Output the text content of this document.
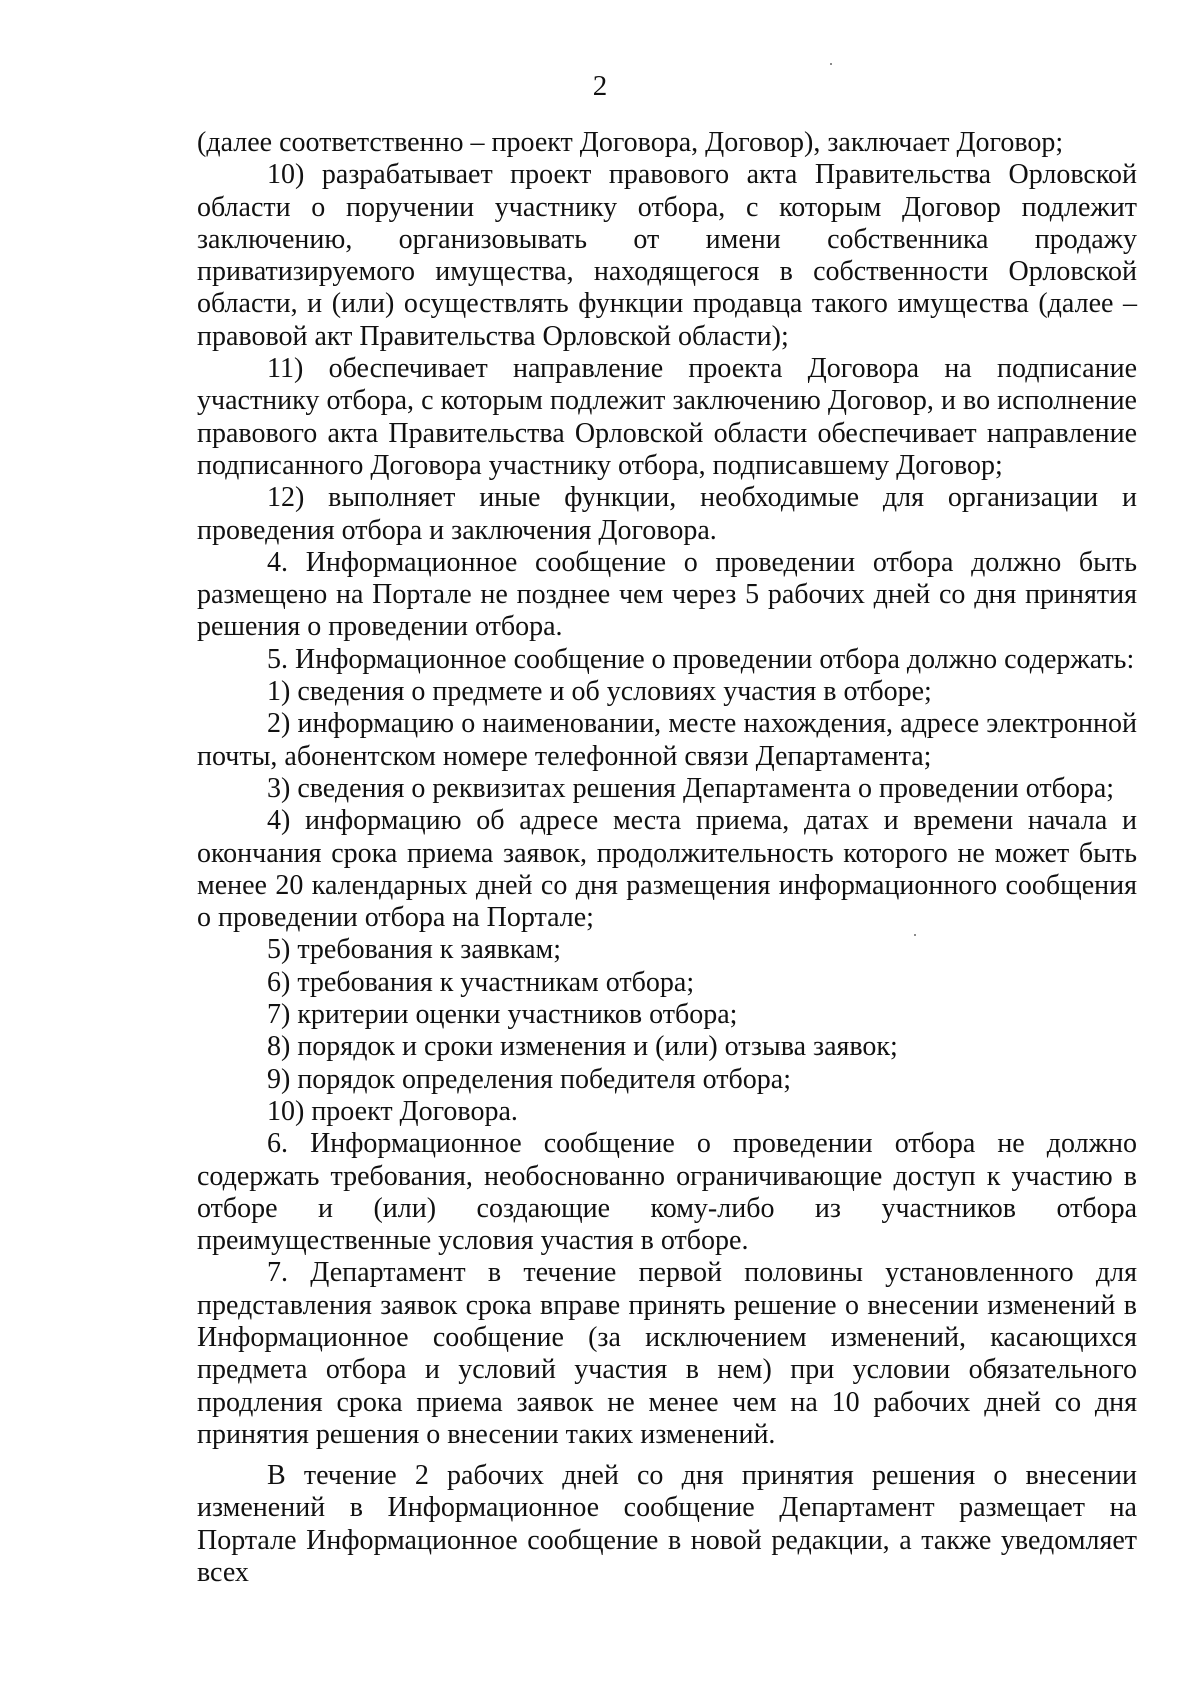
2

(далее соответственно – проект Договора, Договор), заключает Договор;

10) разрабатывает проект правового акта Правительства Орловской области о поручении участнику отбора, с которым Договор подлежит заключению, организовывать от имени собственника продажу приватизируемого имущества, находящегося в собственности Орловской области, и (или) осуществлять функции продавца такого имущества (далее – правовой акт Правительства Орловской области);

11) обеспечивает направление проекта Договора на подписание участнику отбора, с которым подлежит заключению Договор, и во исполнение правового акта Правительства Орловской области обеспечивает направление подписанного Договора участнику отбора, подписавшему Договор;

12) выполняет иные функции, необходимые для организации и проведения отбора и заключения Договора.

4. Информационное сообщение о проведении отбора должно быть размещено на Портале не позднее чем через 5 рабочих дней со дня принятия решения о проведении отбора.

5. Информационное сообщение о проведении отбора должно содержать:

1) сведения о предмете и об условиях участия в отборе;

2) информацию о наименовании, месте нахождения, адресе электронной почты, абонентском номере телефонной связи Департамента;

3) сведения о реквизитах решения Департамента о проведении отбора;

4) информацию об адресе места приема, датах и времени начала и окончания срока приема заявок, продолжительность которого не может быть менее 20 календарных дней со дня размещения информационного сообщения о проведении отбора на Портале;

5) требования к заявкам;

6) требования к участникам отбора;

7) критерии оценки участников отбора;

8) порядок и сроки изменения и (или) отзыва заявок;

9) порядок определения победителя отбора;

10) проект Договора.

6. Информационное сообщение о проведении отбора не должно содержать требования, необоснованно ограничивающие доступ к участию в отборе и (или) создающие кому-либо из участников отбора преимущественные условия участия в отборе.

7. Департамент в течение первой половины установленного для представления заявок срока вправе принять решение о внесении изменений в Информационное сообщение (за исключением изменений, касающихся предмета отбора и условий участия в нем) при условии обязательного продления срока приема заявок не менее чем на 10 рабочих дней со дня принятия решения о внесении таких изменений.

В течение 2 рабочих дней со дня принятия решения о внесении изменений в Информационное сообщение Департамент размещает на Портале Информационное сообщение в новой редакции, а также уведомляет всех
